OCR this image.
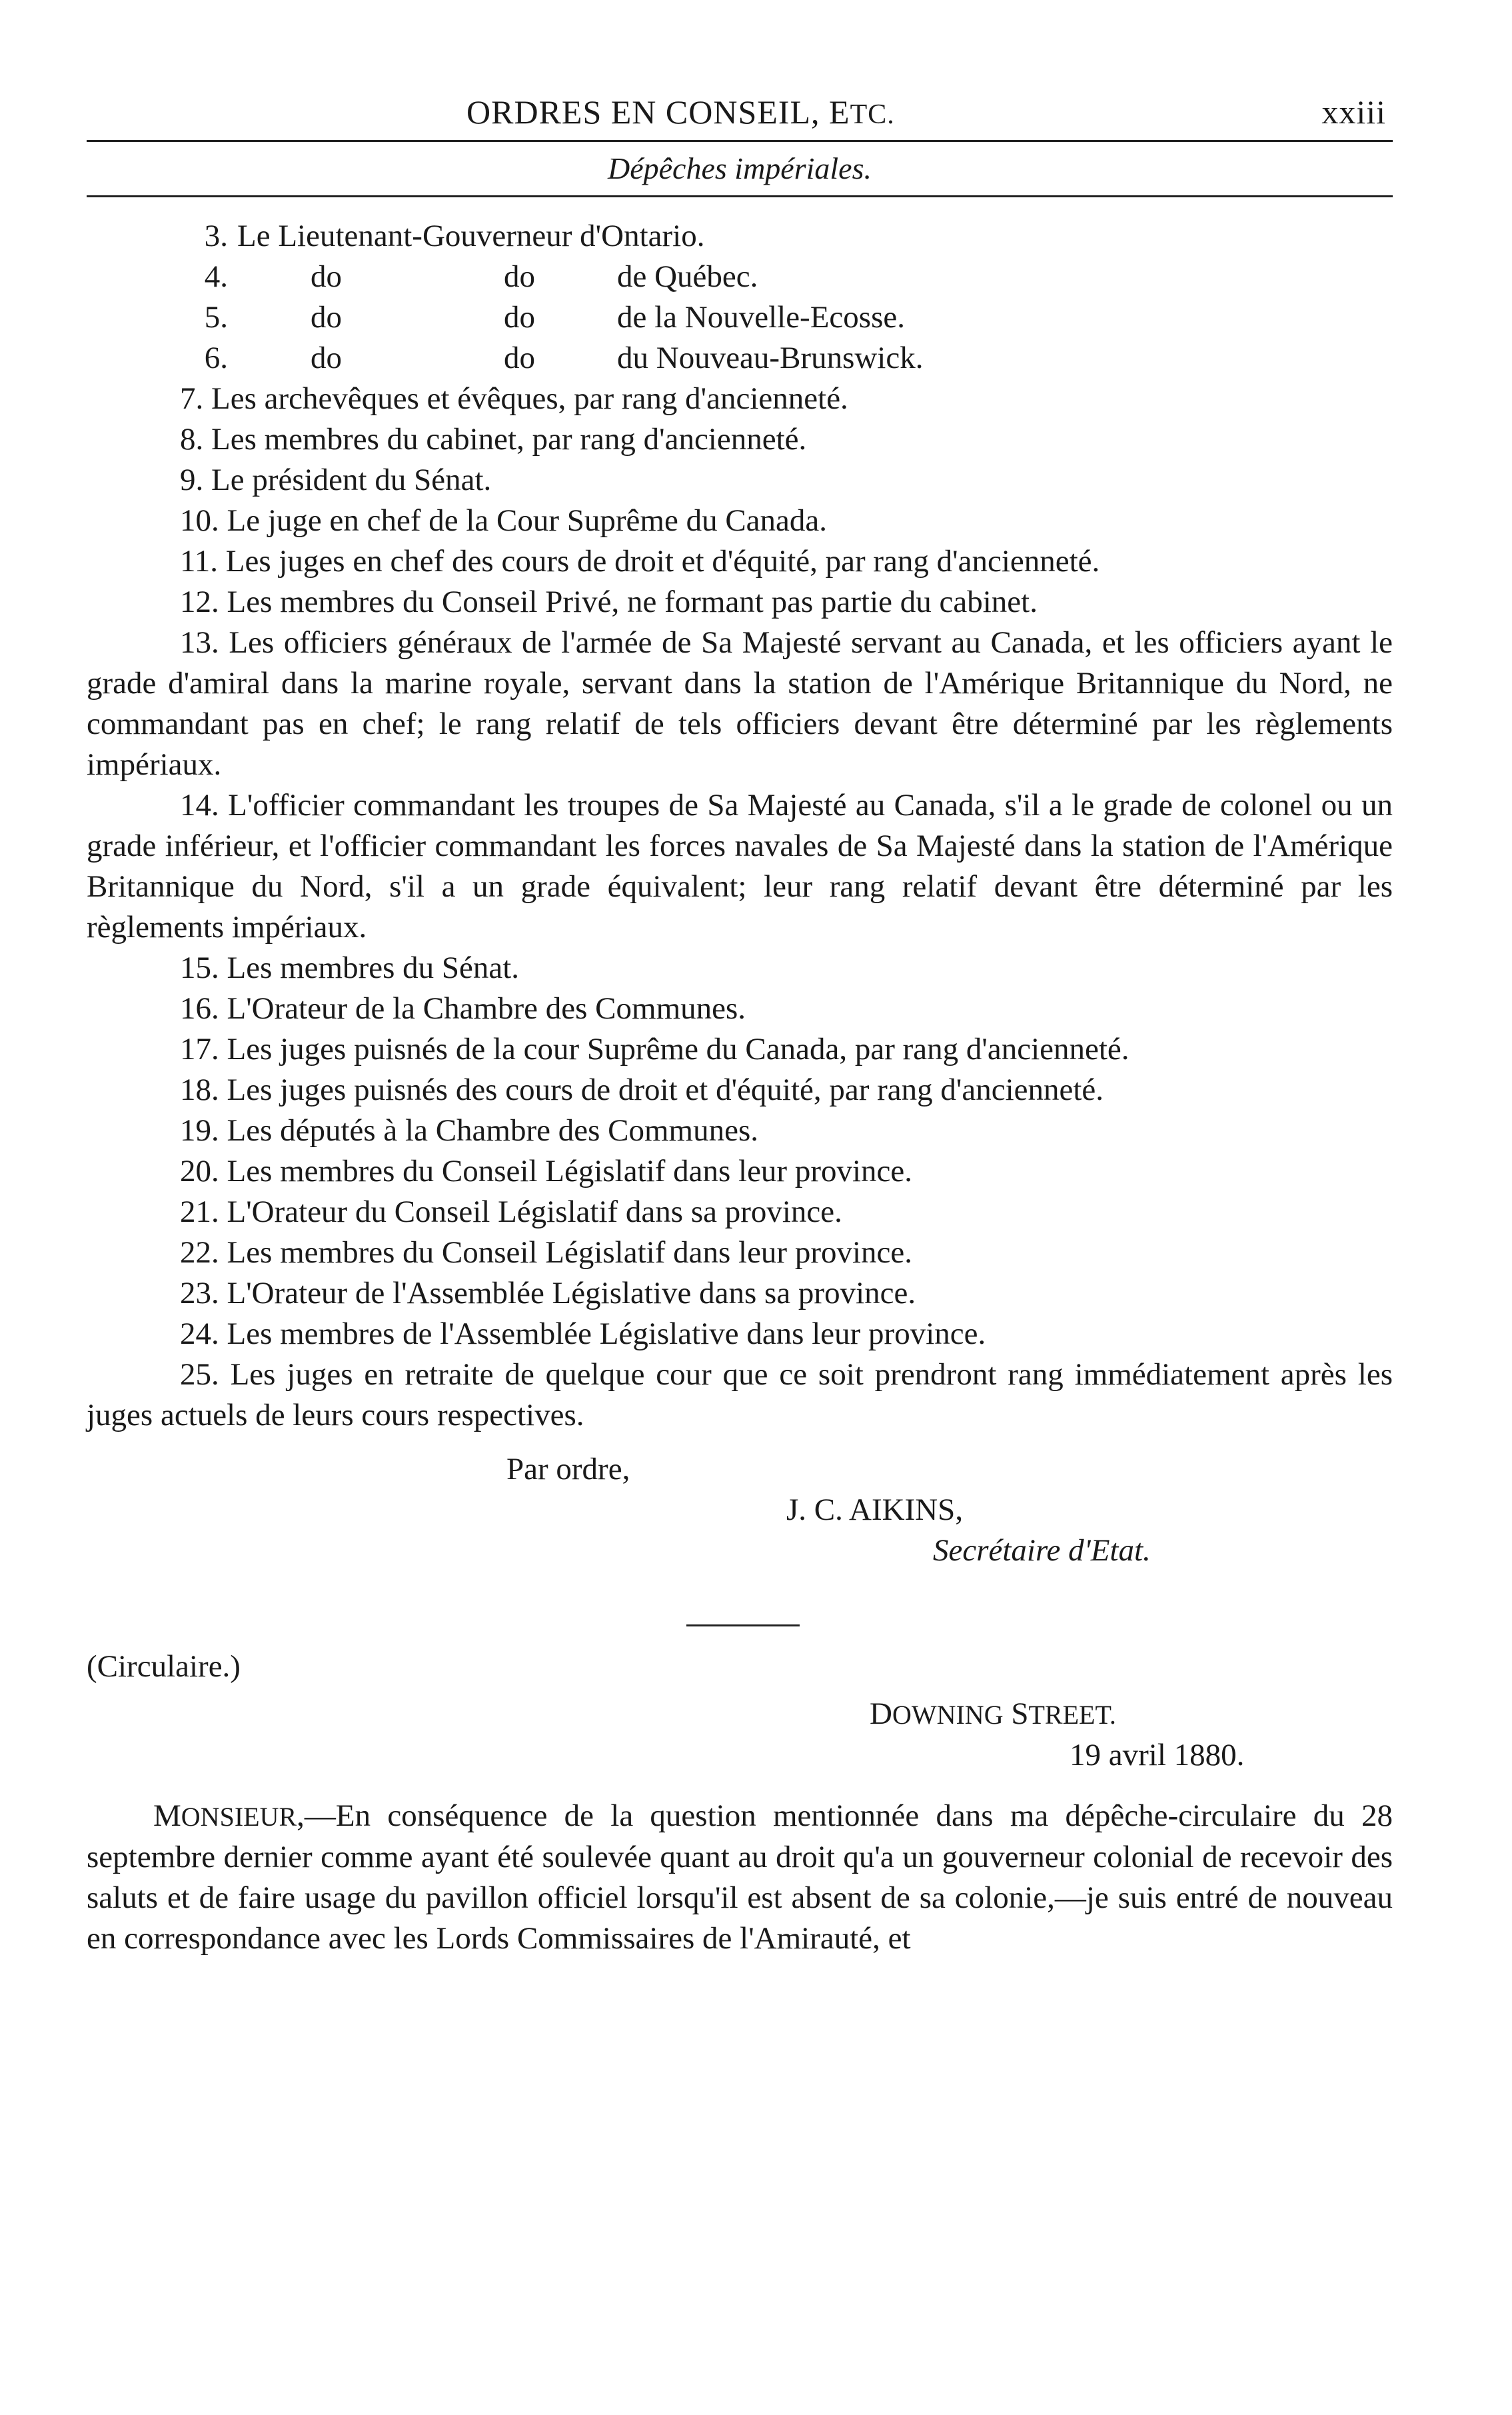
ORDRES EN CONSEIL, ETC.	xxiii
Dépêches impériales.
3. Le Lieutenant-Gouverneur d'Ontario.
4.	do	do	de Québec.
5.	do	do	de la Nouvelle-Ecosse.
6.	do	do	du Nouveau-Brunswick.
7. Les archevêques et évêques, par rang d'ancienneté.
8. Les membres du cabinet, par rang d'ancienneté.
9. Le président du Sénat.
10. Le juge en chef de la Cour Suprême du Canada.
11. Les juges en chef des cours de droit et d'équité, par rang d'ancienneté.
12. Les membres du Conseil Privé, ne formant pas partie du cabinet.
13. Les officiers généraux de l'armée de Sa Majesté servant au Canada, et les officiers ayant le grade d'amiral dans la marine royale, servant dans la station de l'Amérique Britannique du Nord, ne commandant pas en chef; le rang relatif de tels officiers devant être déterminé par les règlements impériaux.
14. L'officier commandant les troupes de Sa Majesté au Canada, s'il a le grade de colonel ou un grade inférieur, et l'officier commandant les forces navales de Sa Majesté dans la station de l'Amérique Britannique du Nord, s'il a un grade équivalent; leur rang relatif devant être déterminé par les règlements impériaux.
15. Les membres du Sénat.
16. L'Orateur de la Chambre des Communes.
17. Les juges puisnés de la cour Suprême du Canada, par rang d'ancienneté.
18. Les juges puisnés des cours de droit et d'équité, par rang d'ancienneté.
19. Les députés à la Chambre des Communes.
20. Les membres du Conseil Législatif dans leur province.
21. L'Orateur du Conseil Législatif dans sa province.
22. Les membres du Conseil Législatif dans leur province.
23. L'Orateur de l'Assemblée Législative dans sa province.
24. Les membres de l'Assemblée Législative dans leur province.
25. Les juges en retraite de quelque cour que ce soit prendront rang immédiatement après les juges actuels de leurs cours respectives.
Par ordre,
J. C. AIKINS,
Secrétaire d'Etat.
(Circulaire.)
DOWNING STREET.
19 avril 1880.
MONSIEUR,—En conséquence de la question mentionnée dans ma dépêche-circulaire du 28 septembre dernier comme ayant été soulevée quant au droit qu'a un gouverneur colonial de recevoir des saluts et de faire usage du pavillon officiel lorsqu'il est absent de sa colonie,—je suis entré de nouveau en correspondance avec les Lords Commissaires de l'Amirauté, et
